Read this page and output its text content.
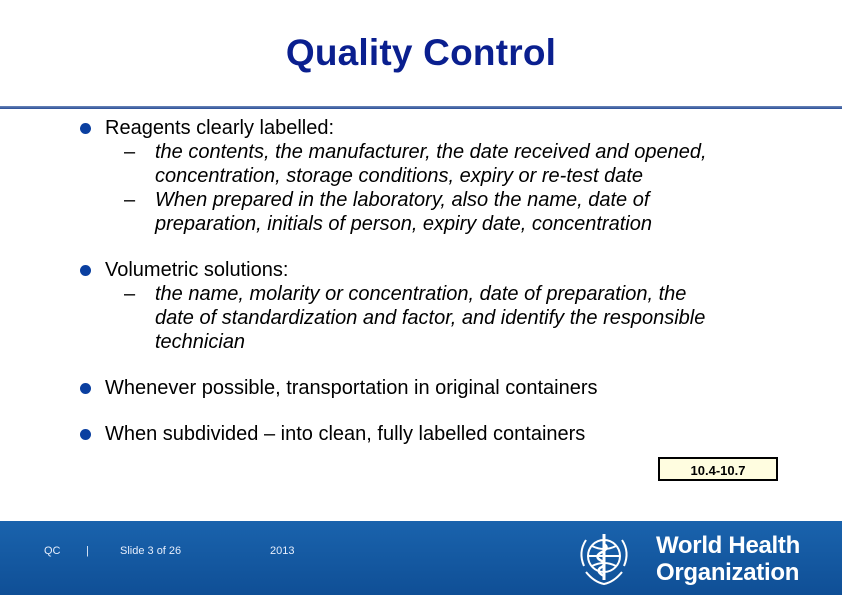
Quality Control
Reagents clearly labelled:
– the contents, the manufacturer, the date received and opened,
concentration, storage conditions, expiry or re-test date
– When prepared in the laboratory, also the name, date of
preparation, initials of person, expiry date, concentration
Volumetric solutions:
– the name, molarity or concentration, date of preparation, the
date of standardization and factor, and identify the responsible
technician
Whenever possible, transportation in original containers
When subdivided – into clean, fully labelled containers
10.4-10.7
QC |	Slide 3 of 26	2013	World Health
Organization
